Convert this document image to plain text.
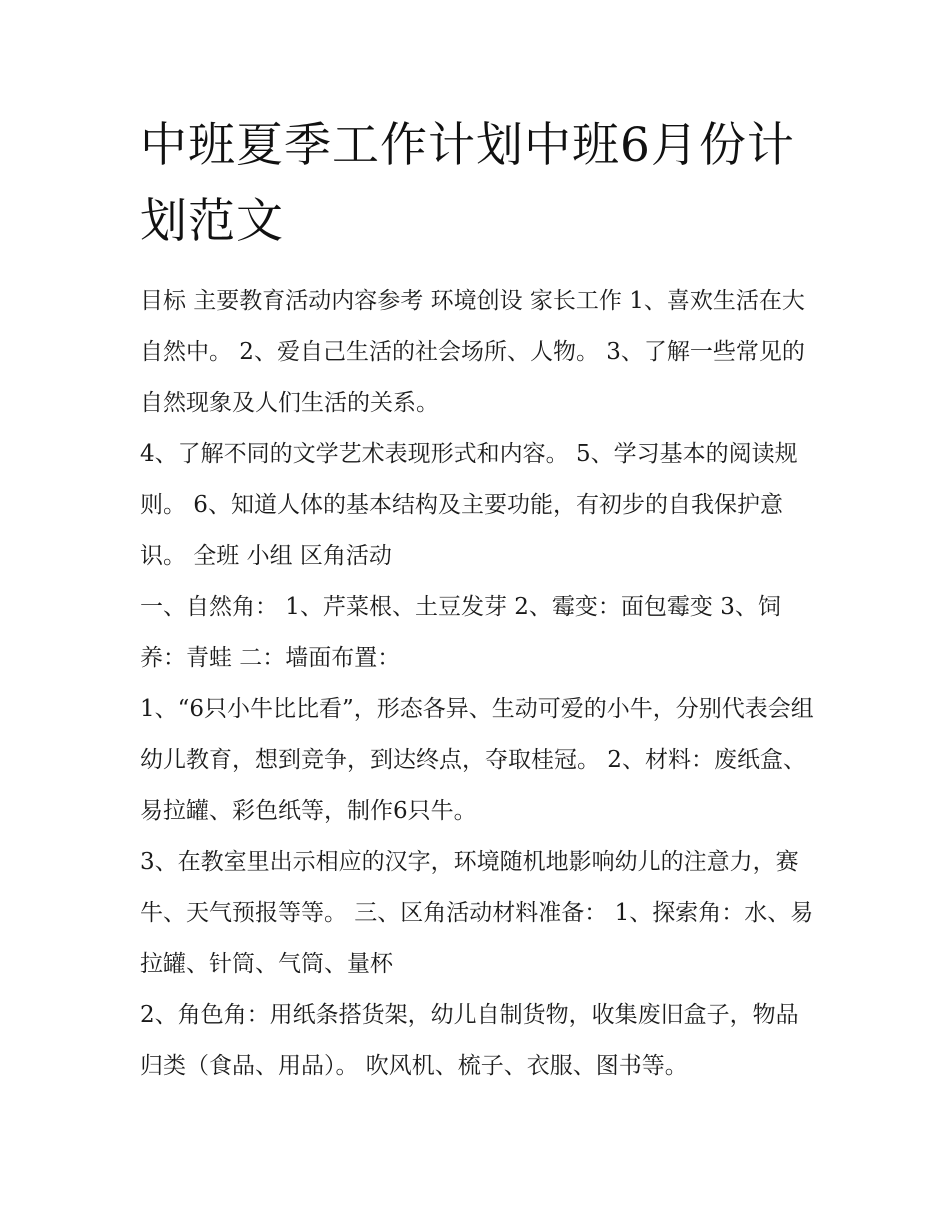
中班夏季工作计划中班6月份计划范文

目标 主要教育活动内容参考 环境创设 家长工作 1、喜欢生活在大自然中。 2、爱自己生活的社会场所、人物。 3、了解一些常见的自然现象及人们生活的关系。

4、了解不同的文学艺术表现形式和内容。 5、学习基本的阅读规则。 6、知道人体的基本结构及主要功能，有初步的自我保护意识。 全班 小组 区角活动

一、自然角： 1、芹菜根、土豆发芽 2、霉变：面包霉变 3、饲养：青蛙 二：墙面布置：

1、“6只小牛比比看”，形态各异、生动可爱的小牛，分别代表会组幼儿教育，想到竞争，到达终点，夺取桂冠。 2、材料：废纸盒、易拉罐、彩色纸等，制作6只牛。

3、在教室里出示相应的汉字，环境随机地影响幼儿的注意力，赛牛、天气预报等等。 三、区角活动材料准备： 1、探索角：水、易拉罐、针筒、气筒、量杯

2、角色角：用纸条搭货架，幼儿自制货物，收集废旧盒子，物品归类（食品、用品）。 吹风机、梳子、衣服、图书等。
